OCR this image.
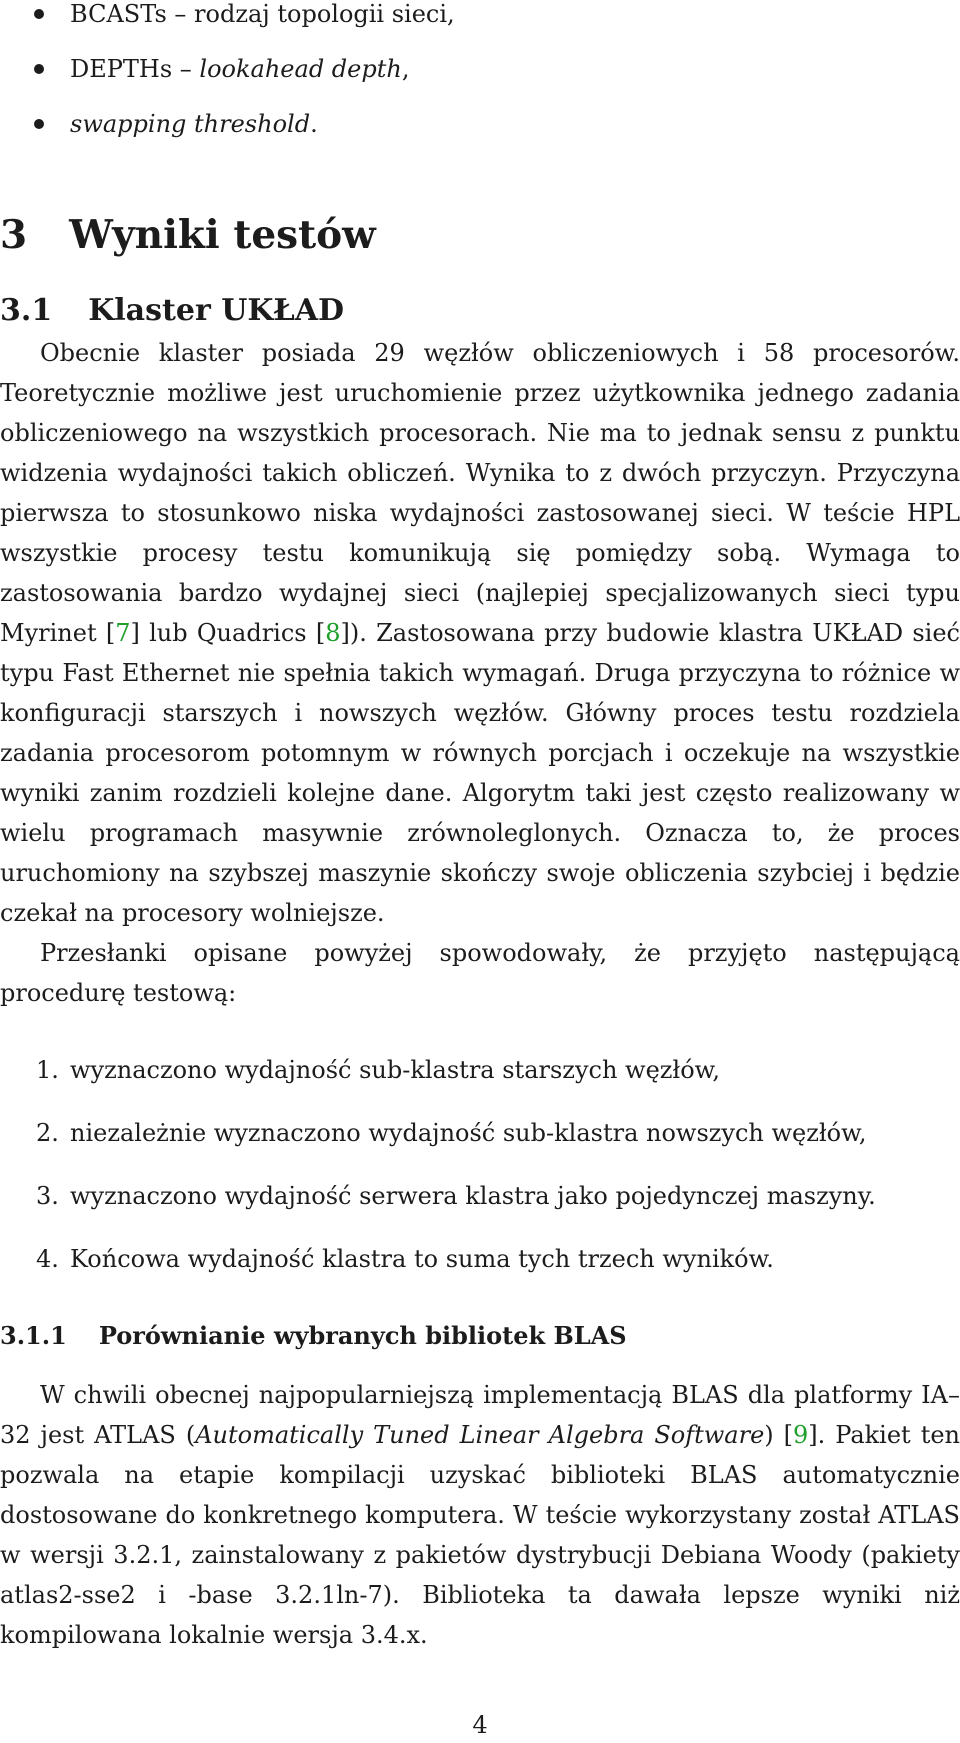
BCASTs – rodzaj topologii sieci,
DEPTHs – lookahead depth,
swapping threshold.
3 Wyniki testów
3.1 Klaster UKŁAD
Obecnie klaster posiada 29 węzłów obliczeniowych i 58 procesorów. Teoretycznie możliwe jest uruchomienie przez użytkownika jednego zadania obliczeniowego na wszystkich procesorach. Nie ma to jednak sensu z punktu widzenia wydajności takich obliczeń. Wynika to z dwóch przyczyn. Przyczyna pierwsza to stosunkowo niska wydajności zastosowanej sieci. W teście HPL wszystkie procesy testu komunikują się pomiędzy sobą. Wymaga to zastosowania bardzo wydajnej sieci (najlepiej specjalizowanych sieci typu Myrinet [7] lub Quadrics [8]). Zastosowana przy budowie klastra UKŁAD sieć typu Fast Ethernet nie spełnia takich wymagań. Druga przyczyna to różnice w konfiguracji starszych i nowszych węzłów. Główny proces testu rozdziela zadania procesorom potomnym w równych porcjach i oczekuje na wszystkie wyniki zanim rozdzieli kolejne dane. Algorytm taki jest często realizowany w wielu programach masywnie zrównoleglonych. Oznacza to, że proces uruchomiony na szybszej maszynie skończy swoje obliczenia szybciej i będzie czekał na procesory wolniejsze.
Przesłanki opisane powyżej spowodowały, że przyjęto następującą procedurę testową:
1. wyznaczono wydajność sub-klastra starszych węzłów,
2. niezależnie wyznaczono wydajność sub-klastra nowszych węzłów,
3. wyznaczono wydajność serwera klastra jako pojedynczej maszyny.
4. Końcowa wydajność klastra to suma tych trzech wyników.
3.1.1 Porównianie wybranych bibliotek BLAS
W chwili obecnej najpopularniejszą implementacją BLAS dla platformy IA–32 jest ATLAS (Automatically Tuned Linear Algebra Software) [9]. Pakiet ten pozwala na etapie kompilacji uzyskać biblioteki BLAS automatycznie dostosowane do konkretnego komputera. W teście wykorzystany został ATLAS w wersji 3.2.1, zainstalowany z pakietów dystrybucji Debiana Woody (pakiety atlas2-sse2 i -base 3.2.1ln-7). Biblioteka ta dawała lepsze wyniki niż kompilowana lokalnie wersja 3.4.x.
4
